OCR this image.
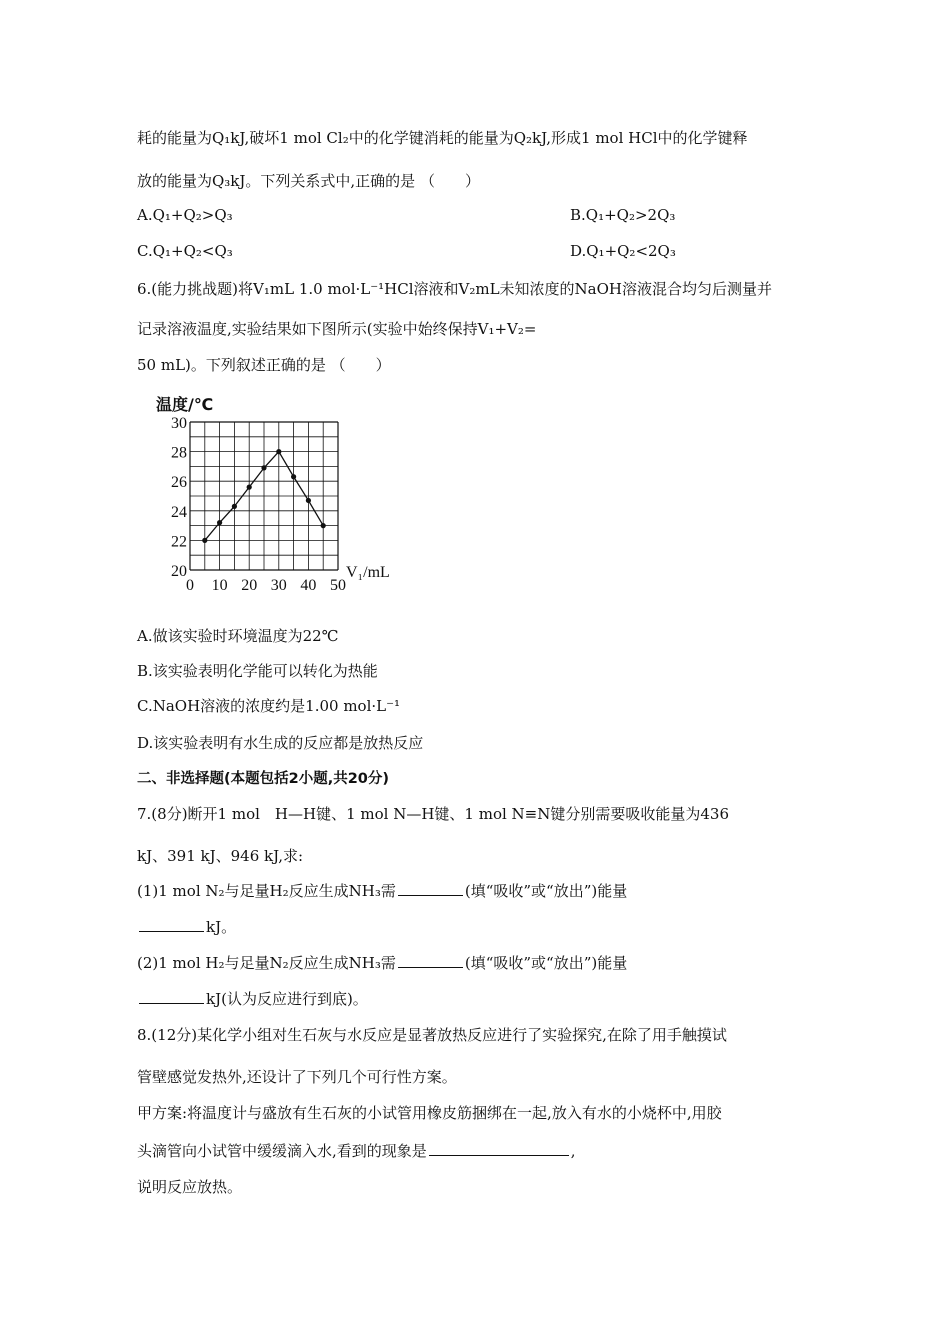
耗的能量为Q₁kJ,破坏1 mol Cl₂中的化学键消耗的能量为Q₂kJ,形成1 mol HCl中的化学键释
放的能量为Q₃kJ。下列关系式中,正确的是 （　　）
A.Q₁+Q₂>Q₃	B.Q₁+Q₂>2Q₃
C.Q₁+Q₂<Q₃	D.Q₁+Q₂<2Q₃
6.(能力挑战题)将V₁mL 1.0 mol·L⁻¹HCl溶液和V₂mL未知浓度的NaOH溶液混合均匀后测量并
记录溶液温度,实验结果如下图所示(实验中始终保持V₁+V₂=
50 mL)。下列叙述正确的是 （　　）
0 10 20 30 40 50
20
22
24
26
28
30
温度/℃
V₁/mL
A.做该实验时环境温度为22℃
B.该实验表明化学能可以转化为热能
C.NaOH溶液的浓度约是1.00 mol·L⁻¹
D.该实验表明有水生成的反应都是放热反应
二、非选择题(本题包括2小题,共20分)
7.(8分)断开1 mol　H—H键、1 mol N—H键、1 mol N≡N键分别需要吸收能量为436
kJ、391 kJ、946 kJ,求:
(1)1 mol N₂与足量H₂反应生成NH₃需	(填“吸收”或“放出”)能量
kJ。
(2)1 mol H₂与足量N₂反应生成NH₃需	(填“吸收”或“放出”)能量
kJ(认为反应进行到底)。
8.(12分)某化学小组对生石灰与水反应是显著放热反应进行了实验探究,在除了用手触摸试
管壁感觉发热外,还设计了下列几个可行性方案。
甲方案:将温度计与盛放有生石灰的小试管用橡皮筋捆绑在一起,放入有水的小烧杯中,用胶
头滴管向小试管中缓缓滴入水,看到的现象是	,
说明反应放热。
